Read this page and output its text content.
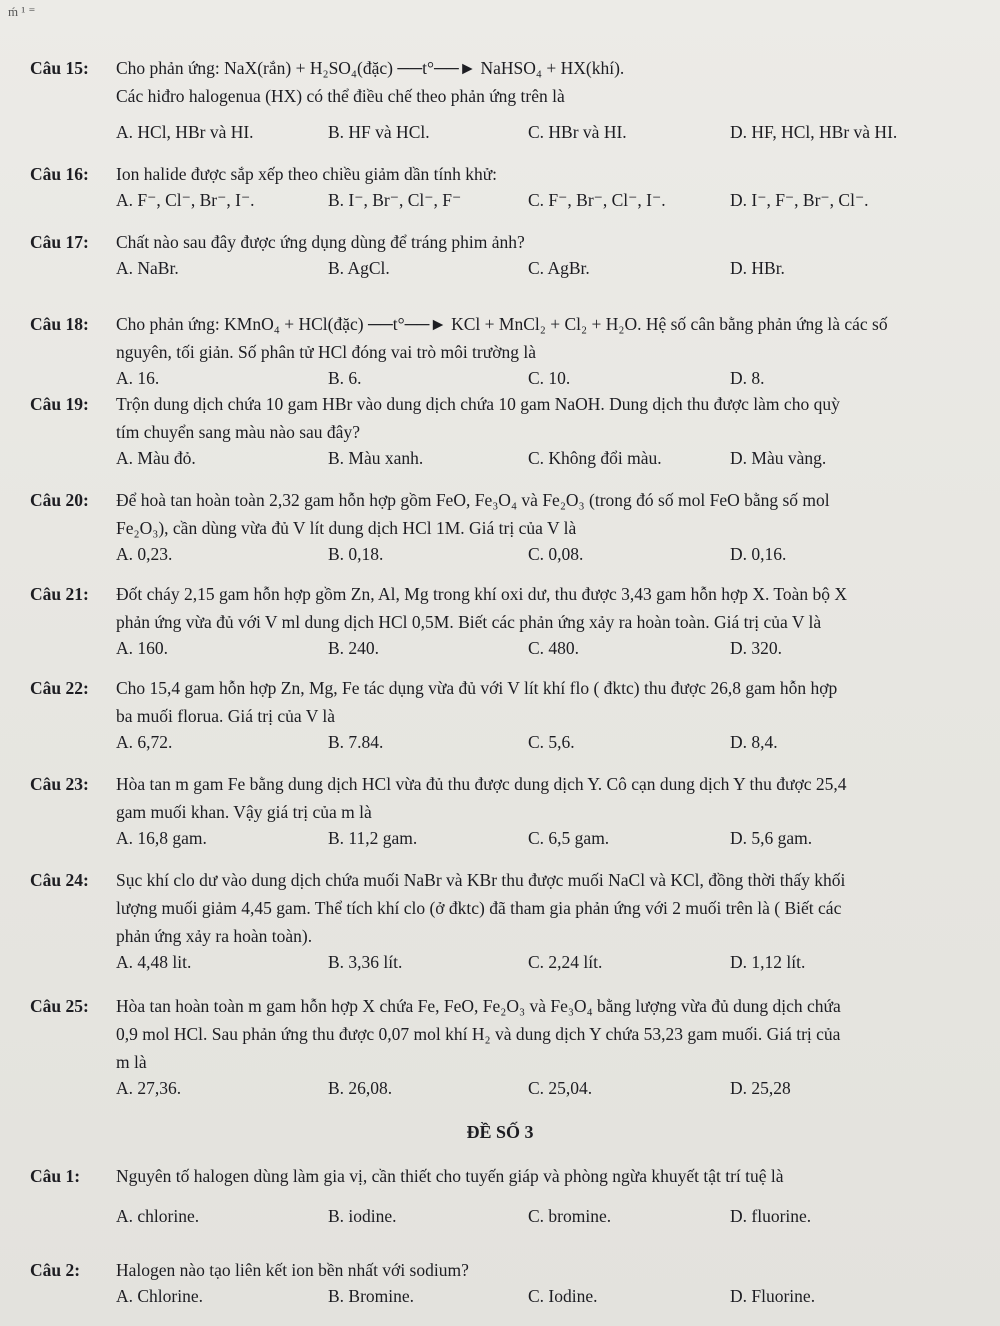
ḿ ¹ ⁼
Câu 15: Cho phản ứng: NaX(rắn) + H₂SO₄(đặc) ──t°──► NaHSO₄ + HX(khí).
Các hiđro halogenua (HX) có thể điều chế theo phản ứng trên là
A. HCl, HBr và HI.	B. HF và HCl.	C. HBr và HI.	D. HF, HCl, HBr và HI.
Câu 16: Ion halide được sắp xếp theo chiều giảm dần tính khử:
A. F⁻, Cl⁻, Br⁻, I⁻.	B. I⁻, Br⁻, Cl⁻, F⁻	C. F⁻, Br⁻, Cl⁻, I⁻.	D. I⁻, F⁻, Br⁻, Cl⁻.
Câu 17: Chất nào sau đây được ứng dụng dùng để tráng phim ảnh?
A. NaBr.	B. AgCl.	C. AgBr.	D. HBr.
Câu 18: Cho phản ứng: KMnO₄ + HCl(đặc) ──t°──► KCl + MnCl₂ + Cl₂ + H₂O. Hệ số cân bằng phản ứng là các số
nguyên, tối giản. Số phân tử HCl đóng vai trò môi trường là
A. 16.	B. 6.	C. 10.	D. 8.
Câu 19: Trộn dung dịch chứa 10 gam HBr vào dung dịch chứa 10 gam NaOH. Dung dịch thu được làm cho quỳ
tím chuyển sang màu nào sau đây?
A. Màu đỏ.	B. Màu xanh.	C. Không đổi màu.	D. Màu vàng.
Câu 20: Để hoà tan hoàn toàn 2,32 gam hỗn hợp gồm FeO, Fe₃O₄ và Fe₂O₃ (trong đó số mol FeO bằng số mol
Fe₂O₃), cần dùng vừa đủ V lít dung dịch HCl 1M. Giá trị của V là
A. 0,23.	B. 0,18.	C. 0,08.	D. 0,16.
Câu 21: Đốt cháy 2,15 gam hỗn hợp gồm Zn, Al, Mg trong khí oxi dư, thu được 3,43 gam hỗn hợp X. Toàn bộ X
phản ứng vừa đủ với V ml dung dịch HCl 0,5M. Biết các phản ứng xảy ra hoàn toàn. Giá trị của V là
A. 160.	B. 240.	C. 480.	D. 320.
Câu 22: Cho 15,4 gam hỗn hợp Zn, Mg, Fe tác dụng vừa đủ với V lít khí flo ( đktc) thu được 26,8 gam hỗn hợp
ba muối florua. Giá trị của V là
A. 6,72.	B. 7.84.	C. 5,6.	D. 8,4.
Câu 23: Hòa tan m gam Fe bằng dung dịch HCl vừa đủ thu được dung dịch Y. Cô cạn dung dịch Y thu được 25,4
gam muối khan. Vậy giá trị của m là
A. 16,8 gam.	B. 11,2 gam.	C. 6,5 gam.	D. 5,6 gam.
Câu 24: Sục khí clo dư vào dung dịch chứa muối NaBr và KBr thu được muối NaCl và KCl, đồng thời thấy khối
lượng muối giảm 4,45 gam. Thể tích khí clo (ở đktc) đã tham gia phản ứng với 2 muối trên là ( Biết các
phản ứng xảy ra hoàn toàn).
A. 4,48 lit.	B. 3,36 lít.	C. 2,24 lít.	D. 1,12 lít.
Câu 25: Hòa tan hoàn toàn m gam hỗn hợp X chứa Fe, FeO, Fe₂O₃ và Fe₃O₄ bằng lượng vừa đủ dung dịch chứa
0,9 mol HCl. Sau phản ứng thu được 0,07 mol khí H₂ và dung dịch Y chứa 53,23 gam muối. Giá trị của
m là
A. 27,36.	B. 26,08.	C. 25,04.	D. 25,28
ĐỀ SỐ 3
Câu 1: Nguyên tố halogen dùng làm gia vị, cần thiết cho tuyến giáp và phòng ngừa khuyết tật trí tuệ là
A. chlorine.	B. iodine.	C. bromine.	D. fluorine.
Câu 2: Halogen nào tạo liên kết ion bền nhất với sodium?
A. Chlorine.	B. Bromine.	C. Iodine.	D. Fluorine.
